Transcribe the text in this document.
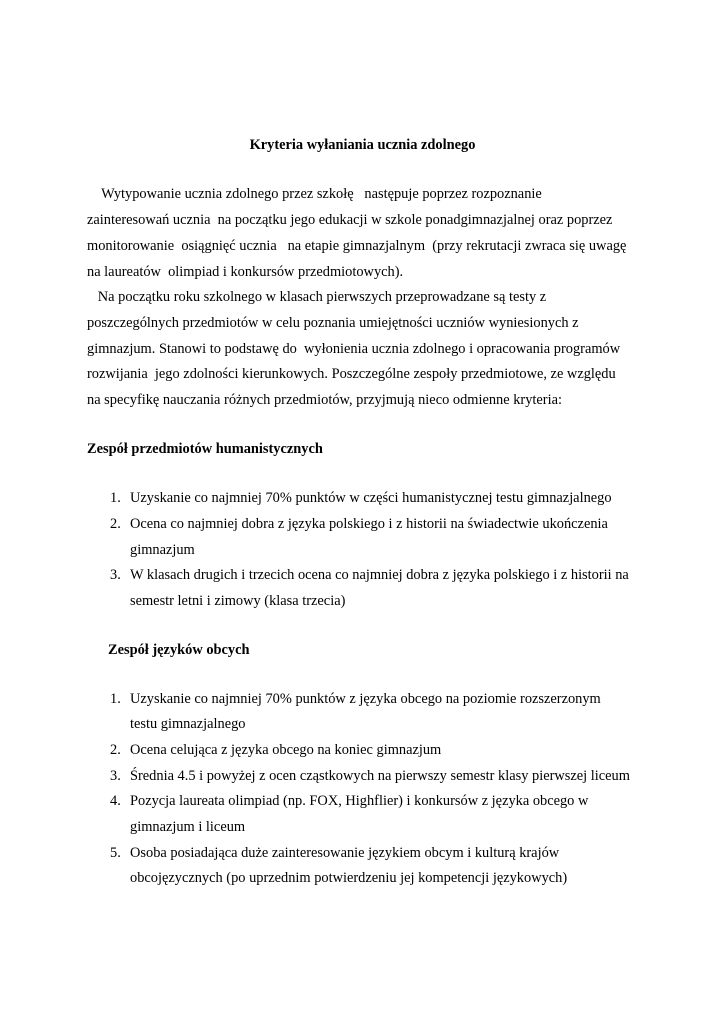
Kryteria wyłaniania ucznia zdolnego
Wytypowanie ucznia zdolnego przez szkołę   następuje poprzez rozpoznanie
zainteresowań ucznia  na początku jego edukacji w szkole ponadgimnazjalnej oraz poprzez
monitorowanie  osiągnięć ucznia   na etapie gimnazjalnym  (przy rekrutacji zwraca się uwagę
na laureatów  olimpiad i konkursów przedmiotowych).
Na początku roku szkolnego w klasach pierwszych przeprowadzane są testy z
poszczególnych przedmiotów w celu poznania umiejętności uczniów wyniesionych z
gimnazjum. Stanowi to podstawę do  wyłonienia ucznia zdolnego i opracowania programów
rozwijania  jego zdolności kierunkowych. Poszczególne zespoły przedmiotowe, ze względu
na specyfikę nauczania różnych przedmiotów, przyjmują nieco odmienne kryteria:
Zespół przedmiotów humanistycznych
1. Uzyskanie co najmniej 70% punktów w części humanistycznej testu gimnazjalnego
2. Ocena co najmniej dobra z języka polskiego i z historii na świadectwie ukończenia
gimnazjum
3. W klasach drugich i trzecich ocena co najmniej dobra z języka polskiego i z historii na
semestr letni i zimowy (klasa trzecia)
Zespół języków obcych
1. Uzyskanie co najmniej 70% punktów z języka obcego na poziomie rozszerzonym
testu gimnazjalnego
2. Ocena celująca z języka obcego na koniec gimnazjum
3. Średnia 4.5 i powyżej z ocen cząstkowych na pierwszy semestr klasy pierwszej liceum
4. Pozycja laureata olimpiad (np. FOX, Highflier) i konkursów z języka obcego w
gimnazjum i liceum
5. Osoba posiadająca duże zainteresowanie językiem obcym i kulturą krajów
obcojęzycznych (po uprzednim potwierdzeniu jej kompetencji językowych)
